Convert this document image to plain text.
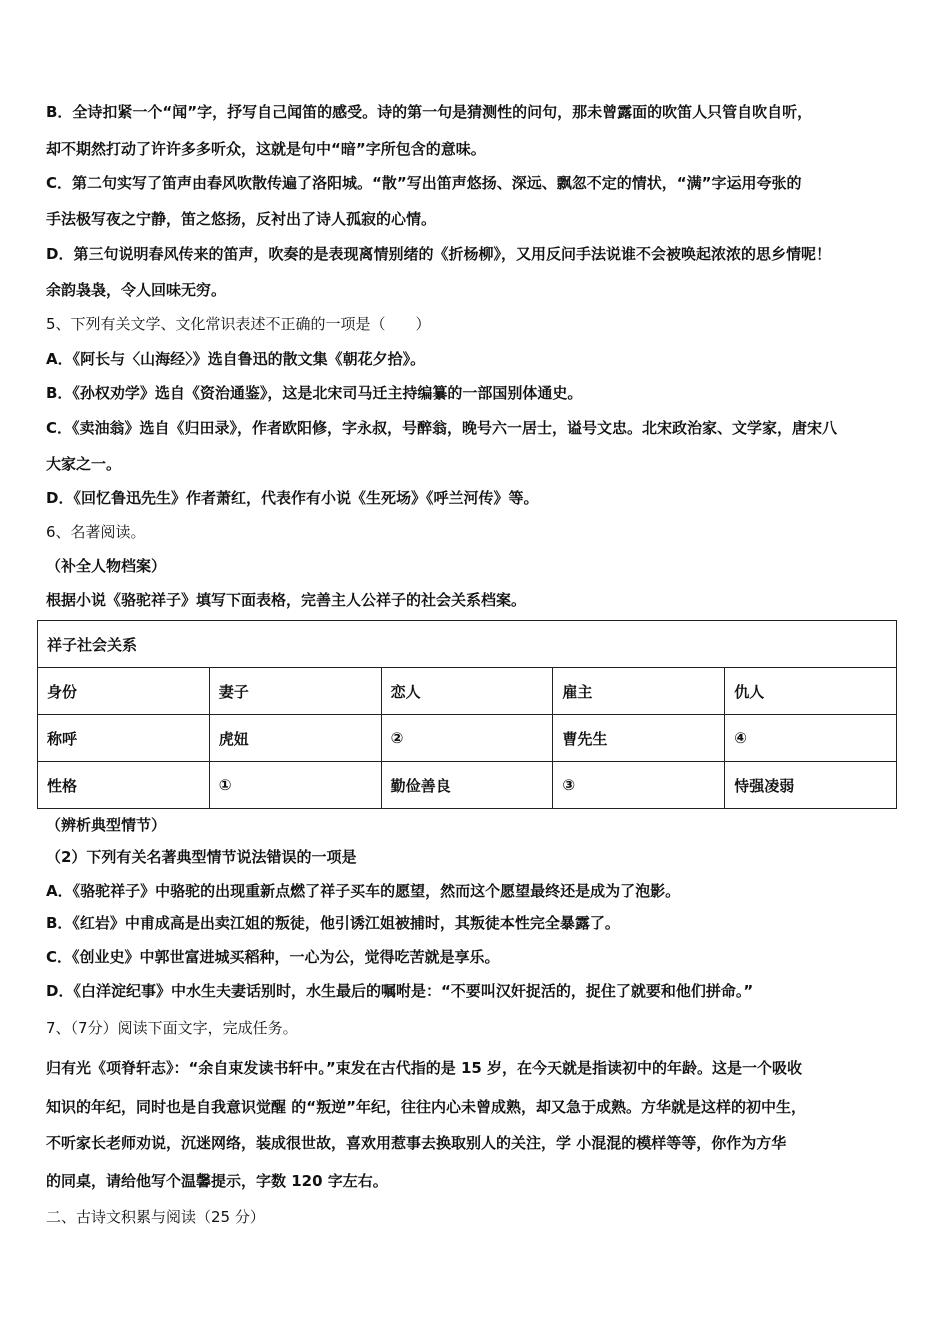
B．全诗扣紧一个“闻”字，抒写自己闻笛的感受。诗的第一句是猜测性的问句，那未曾露面的吹笛人只管自吹自听，
却不期然打动了许许多多听众，这就是句中“暗”字所包含的意味。
C．第二句实写了笛声由春风吹散传遍了洛阳城。“散”写出笛声悠扬、深远、飘忽不定的情状，“满”字运用夸张的
手法极写夜之宁静，笛之悠扬，反衬出了诗人孤寂的心情。
D．第三句说明春风传来的笛声，吹奏的是表现离情别绪的《折杨柳》，又用反问手法说谁不会被唤起浓浓的思乡情呢！
余韵袅袅，令人回味无穷。
5、下列有关文学、文化常识表述不正确的一项是（　　）
A．《阿长与〈山海经〉》选自鲁迅的散文集《朝花夕拾》。
B．《孙权劝学》选自《资治通鉴》，这是北宋司马迁主持编纂的一部国别体通史。
C．《卖油翁》选自《归田录》，作者欧阳修，字永叔，号醉翁，晚号六一居士，谥号文忠。北宋政治家、文学家，唐宋八
大家之一。
D．《回忆鲁迅先生》作者萧红，代表作有小说《生死场》《呼兰河传》等。
6、名著阅读。
（补全人物档案）
根据小说《骆驼祥子》填写下面表格，完善主人公祥子的社会关系档案。
祥子社会关系				
身份	妻子	恋人	雇主	仇人
称呼	虎妞	②	曹先生	④
性格	①	勤俭善良	③	恃强凌弱
（辨析典型情节）
（2）下列有关名著典型情节说法错误的一项是
A．《骆驼祥子》中骆驼的出现重新点燃了祥子买车的愿望，然而这个愿望最终还是成为了泡影。
B．《红岩》中甫成高是出卖江姐的叛徒，他引诱江姐被捕时，其叛徒本性完全暴露了。
C．《创业史》中郭世富进城买稻种，一心为公，觉得吃苦就是享乐。
D．《白洋淀纪事》中水生夫妻话别时，水生最后的嘱咐是：“不要叫汉奸捉活的，捉住了就要和他们拼命。”
7、（7分）阅读下面文字，完成任务。
归有光《项脊轩志》：“余自束发读书轩中。”束发在古代指的是 15 岁，在今天就是指读初中的年龄。这是一个吸收
知识的年纪，同时也是自我意识觉醒 的“叛逆”年纪，往往内心未曾成熟，却又急于成熟。方华就是这样的初中生，
不听家长老师劝说，沉迷网络，装成很世故，喜欢用惹事去换取别人的关注，学 小混混的模样等等，你作为方华
的同桌，请给他写个温馨提示，字数 120 字左右。
二、古诗文积累与阅读（25 分）
